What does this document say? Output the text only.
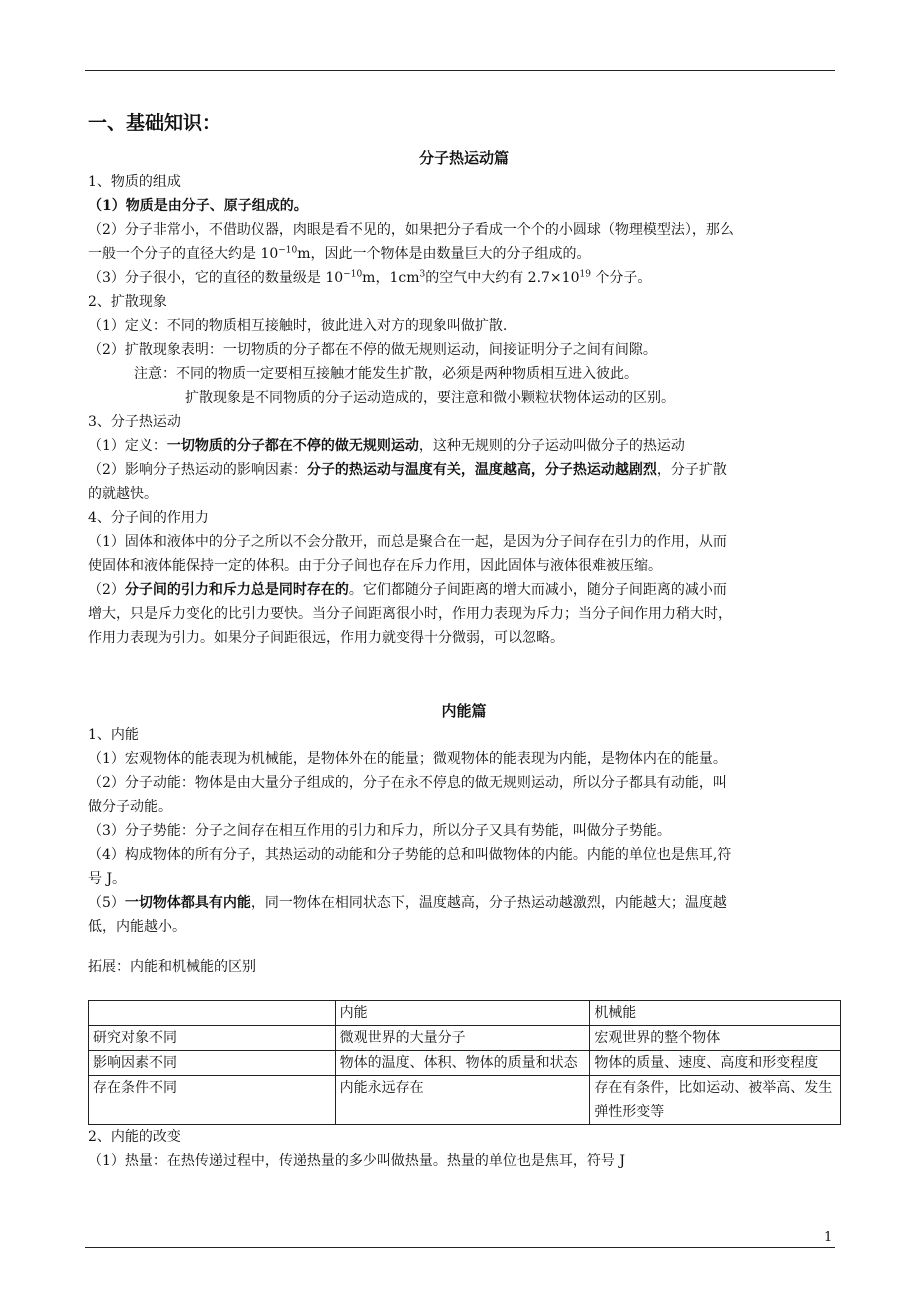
一、基础知识：
分子热运动篇
1、物质的组成
（1）物质是由分子、原子组成的。
（2）分子非常小，不借助仪器，肉眼是看不见的，如果把分子看成一个个的小圆球（物理模型法），那么
一般一个分子的直径大约是 $10^{-10}m$，因此一个物体是由数量巨大的分子组成的。
（3）分子很小，它的直径的数量级是 $10^{-10}m$，$1cm^3$的空气中大约有 $2.7\times 10^{19}$ 个分子。
2、扩散现象
（1）定义：不同的物质相互接触时，彼此进入对方的现象叫做扩散.
（2）扩散现象表明：一切物质的分子都在不停的做无规则运动，间接证明分子之间有间隙。
注意：不同的物质一定要相互接触才能发生扩散，必须是两种物质相互进入彼此。
扩散现象是不同物质的分子运动造成的，要注意和微小颗粒状物体运动的区别。
3、分子热运动
（1）定义：一切物质的分子都在不停的做无规则运动，这种无规则的分子运动叫做分子的热运动
（2）影响分子热运动的影响因素：分子的热运动与温度有关，温度越高，分子热运动越剧烈，分子扩散
的就越快。
4、分子间的作用力
（1）固体和液体中的分子之所以不会分散开，而总是聚合在一起，是因为分子间存在引力的作用，从而
使固体和液体能保持一定的体积。由于分子间也存在斥力作用，因此固体与液体很难被压缩。
（2）分子间的引力和斥力总是同时存在的。它们都随分子间距离的增大而减小，随分子间距离的减小而
增大，只是斥力变化的比引力要快。当分子间距离很小时，作用力表现为斥力；当分子间作用力稍大时，
作用力表现为引力。如果分子间距很远，作用力就变得十分微弱，可以忽略。
内能篇
1、内能
（1）宏观物体的能表现为机械能，是物体外在的能量；微观物体的能表现为内能，是物体内在的能量。
（2）分子动能：物体是由大量分子组成的，分子在永不停息的做无规则运动，所以分子都具有动能，叫
做分子动能。
（3）分子势能：分子之间存在相互作用的引力和斥力，所以分子又具有势能，叫做分子势能。
（4）构成物体的所有分子，其热运动的动能和分子势能的总和叫做物体的内能。内能的单位也是焦耳,符
号 J。
（5）一切物体都具有内能，同一物体在相同状态下，温度越高，分子热运动越激烈，内能越大；温度越
低，内能越小。
拓展：内能和机械能的区别
	内能	机械能
研究对象不同	微观世界的大量分子	宏观世界的整个物体
影响因素不同	物体的温度、体积、物体的质量和状态	物体的质量、速度、高度和形变程度
存在条件不同	内能永远存在	存在有条件，比如运动、被举高、发生弹性形变等
2、内能的改变
（1）热量：在热传递过程中，传递热量的多少叫做热量。热量的单位也是焦耳，符号 J
1
